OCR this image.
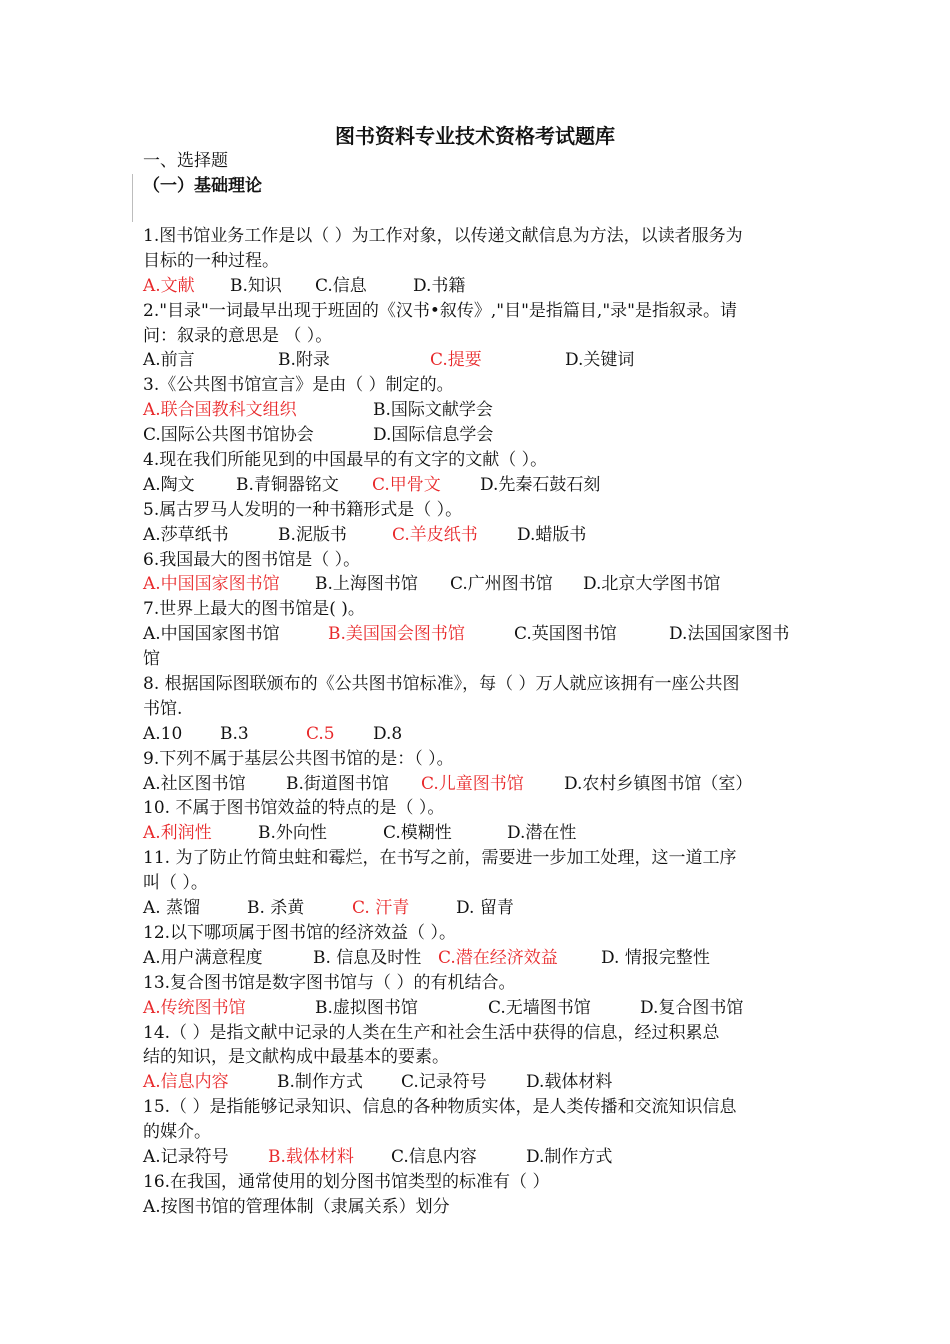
图书资料专业技术资格考试题库
一、选择题
（一）基础理论
1.图书馆业务工作是以（ ）为工作对象，以传递文献信息为方法，以读者服务为
目标的一种过程。
A.文献 B.知识 C.信息	D.书籍
2."目录"一词最早出现于班固的《汉书•叙传》,"目"是指篇目,"录"是指叙录。请
问：叙录的意思是 （ ）。
A.前言	B.附录	C.提要	D.关键词
3.《公共图书馆宣言》是由（ ）制定的。
A.联合国教科文组织	B.国际文献学会
C.国际公共图书馆协会	D.国际信息学会
4.现在我们所能见到的中国最早的有文字的文献（ ）。
A.陶文 B.青铜器铭文 C.甲骨文 D.先秦石鼓石刻
5.属古罗马人发明的一种书籍形式是（ ）。
A.莎草纸书	B.泥版书	C.羊皮纸书 D.蜡版书
6.我国最大的图书馆是（ ）。
A.中国国家图书馆 B.上海图书馆 C.广州图书馆 D.北京大学图书馆
7.世界上最大的图书馆是( )。
A.中国国家图书馆	B.美国国会图书馆	C.英国图书馆	D.法国国家图书
馆
8. 根据国际图联颁布的《公共图书馆标准》，每（ ）万人就应该拥有一座公共图
书馆.
A.10 B.3	C.5 D.8
9.下列不属于基层公共图书馆的是：（ ）。
A.社区图书馆 B.街道图书馆 C.儿童图书馆 D.农村乡镇图书馆（室）
10. 不属于图书馆效益的特点的是（ ）。
A.利润性	B.外向性	C.模糊性	D.潜在性
11. 为了防止竹简虫蛀和霉烂，在书写之前，需要进一步加工处理，这一道工序
叫（ ）。
A. 蒸馏	B. 杀黄	C. 汗青	D. 留青
12.以下哪项属于图书馆的经济效益（ ）。
A.用户满意程度	B. 信息及时性 C.潜在经济效益	D. 情报完整性
13.复合图书馆是数字图书馆与（ ）的有机结合。
A.传统图书馆	B.虚拟图书馆	C.无墙图书馆	D.复合图书馆
14.（ ）是指文献中记录的人类在生产和社会生活中获得的信息，经过积累总
结的知识，是文献构成中最基本的要素。
A.信息内容	B.制作方式 C.记录符号 D.载体材料
15.（ ）是指能够记录知识、信息的各种物质实体，是人类传播和交流知识信息
的媒介。
A.记录符号 B.载体材料 C.信息内容	D.制作方式
16.在我国，通常使用的划分图书馆类型的标准有（ ）
A.按图书馆的管理体制（隶属关系）划分
